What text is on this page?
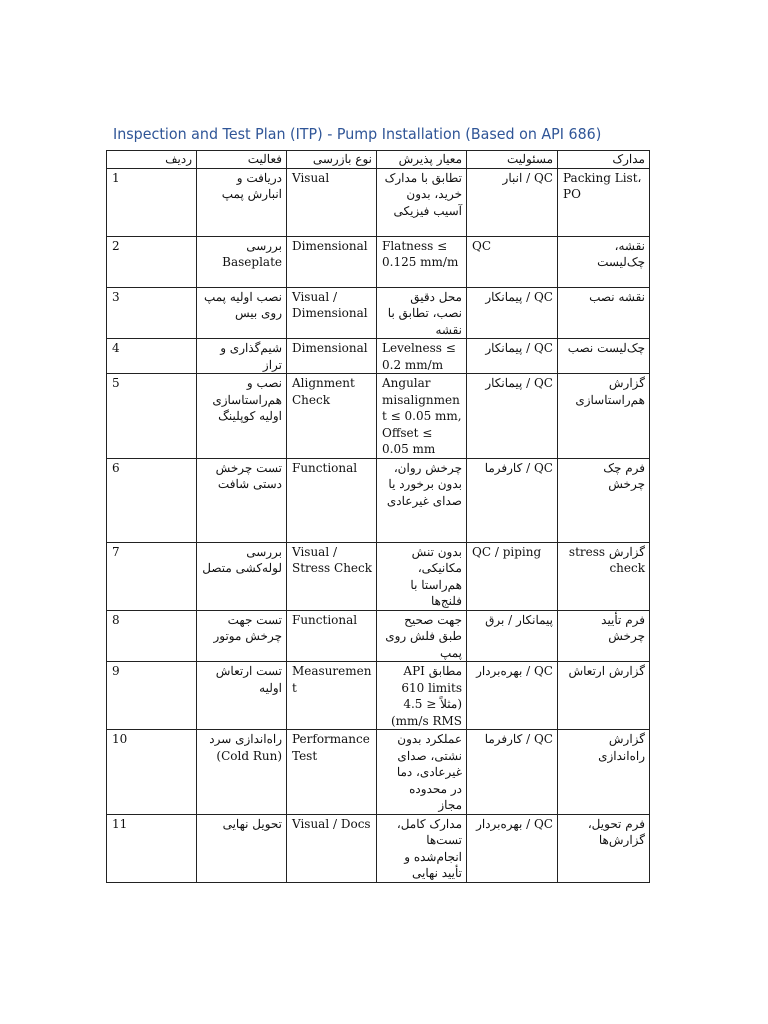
Inspection and Test Plan (ITP) - Pump Installation (Based on API 686)
ردیف	فعالیت	نوع بازرسی	معیار پذیرش	مسئولیت	مدارک
1	دریافت و انبارش پمپ	Visual	تطابق با مدارک خرید، بدون آسیب فیزیکی	QC / انبار	Packing List، PO
2	بررسی Baseplate	Dimensional	Flatness ≤ 0.125 mm/m	QC	نقشه، چک‌لیست
3	نصب اولیه پمپ روی بیس	Visual / Dimensional	محل دقیق نصب، تطابق با نقشه	QC / پیمانکار	نقشه نصب
4	شیم‌گذاری و تراز	Dimensional	Levelness ≤ 0.2 mm/m	QC / پیمانکار	چک‌لیست نصب
5	نصب و هم‌راستاسازی اولیه کوپلینگ	Alignment Check	Angular misalignment ≤ 0.05 mm, Offset ≤ 0.05 mm	QC / پیمانکار	گزارش هم‌راستاسازی
6	تست چرخش دستی شافت	Functional	چرخش روان، بدون برخورد یا صدای غیرعادی	QC / کارفرما	فرم چک چرخش
7	بررسی لوله‌کشی متصل	Visual / Stress Check	بدون تنش مکانیکی، هم‌راستا با فلنج‌ها	QC / piping	گزارش stress check
8	تست جهت چرخش موتور	Functional	جهت صحیح طبق فلش روی پمپ	پیمانکار / برق	فرم تأیید چرخش
9	تست ارتعاش اولیه	Measurement	مطابق API 610 limits (مثلاً ≤ 4.5 mm/s RMS)	QC / بهره‌بردار	گزارش ارتعاش
10	راه‌اندازی سرد (Cold Run)	Performance Test	عملکرد بدون نشتی، صدای غیرعادی، دما در محدوده مجاز	QC / کارفرما	گزارش راه‌اندازی
11	تحویل نهایی	Visual / Docs	مدارک کامل، تست‌ها انجام‌شده و تأیید نهایی	QC / بهره‌بردار	فرم تحویل، گزارش‌ها
